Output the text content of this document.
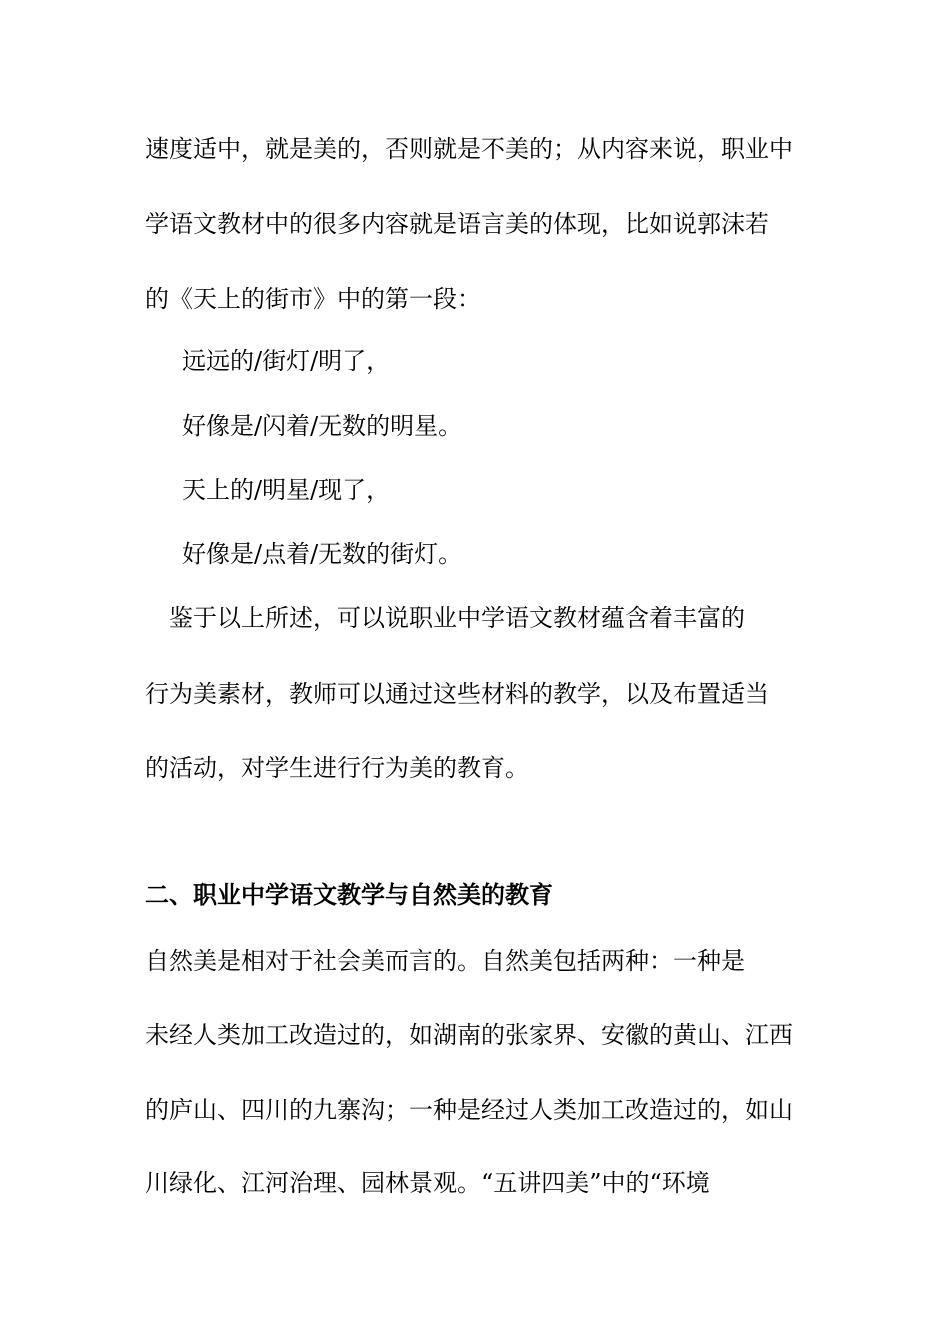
速度适中，就是美的，否则就是不美的；从内容来说，职业中
学语文教材中的很多内容就是语言美的体现，比如说郭沫若
的《天上的街市》中的第一段：
远远的/街灯/明了，
好像是/闪着/无数的明星。
天上的/明星/现了，
好像是/点着/无数的街灯。
　鉴于以上所述，可以说职业中学语文教材蕴含着丰富的
行为美素材，教师可以通过这些材料的教学，以及布置适当
的活动，对学生进行行为美的教育。
二、职业中学语文教学与自然美的教育
自然美是相对于社会美而言的。自然美包括两种：一种是
未经人类加工改造过的，如湖南的张家界、安徽的黄山、江西
的庐山、四川的九寨沟；一种是经过人类加工改造过的，如山
川绿化、江河治理、园林景观。“五讲四美”中的“环境
